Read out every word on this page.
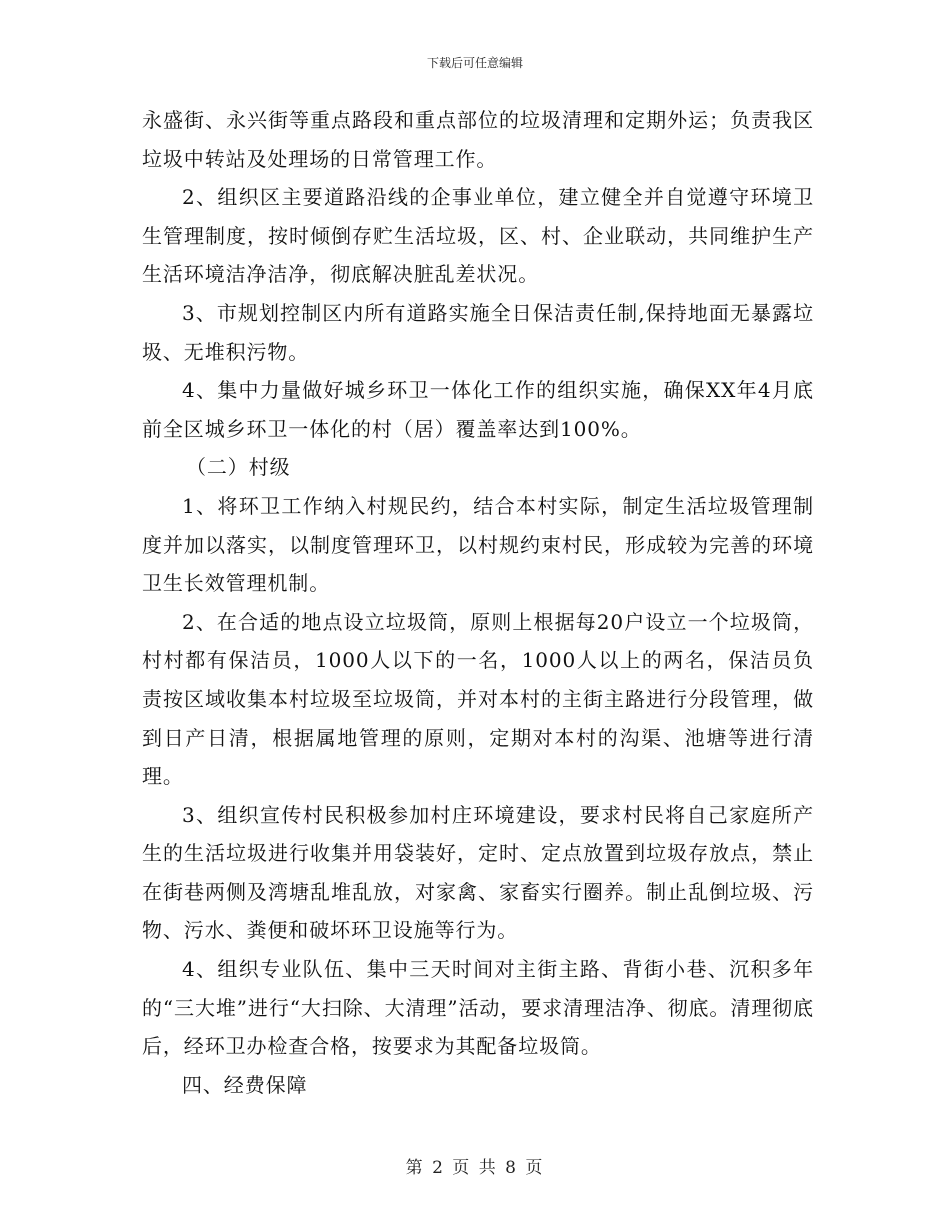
下载后可任意编辑

永盛街、永兴街等重点路段和重点部位的垃圾清理和定期外运；负责我区垃圾中转站及处理场的日常管理工作。

2、组织区主要道路沿线的企事业单位，建立健全并自觉遵守环境卫生管理制度，按时倾倒存贮生活垃圾，区、村、企业联动，共同维护生产生活环境洁净洁净，彻底解决脏乱差状况。

3、市规划控制区内所有道路实施全日保洁责任制,保持地面无暴露垃圾、无堆积污物。

4、集中力量做好城乡环卫一体化工作的组织实施，确保XX年4月底前全区城乡环卫一体化的村（居）覆盖率达到100%。

（二）村级

1、将环卫工作纳入村规民约，结合本村实际，制定生活垃圾管理制度并加以落实，以制度管理环卫，以村规约束村民，形成较为完善的环境卫生长效管理机制。

2、在合适的地点设立垃圾筒，原则上根据每20户设立一个垃圾筒，村村都有保洁员，1000人以下的一名，1000人以上的两名，保洁员负责按区域收集本村垃圾至垃圾筒，并对本村的主街主路进行分段管理，做到日产日清，根据属地管理的原则，定期对本村的沟渠、池塘等进行清理。

3、组织宣传村民积极参加村庄环境建设，要求村民将自己家庭所产生的生活垃圾进行收集并用袋装好，定时、定点放置到垃圾存放点，禁止在街巷两侧及湾塘乱堆乱放，对家禽、家畜实行圈养。制止乱倒垃圾、污物、污水、粪便和破坏环卫设施等行为。

4、组织专业队伍、集中三天时间对主街主路、背街小巷、沉积多年的“三大堆”进行“大扫除、大清理”活动，要求清理洁净、彻底。清理彻底后，经环卫办检查合格，按要求为其配备垃圾筒。

四、经费保障

第 2 页 共 8 页
